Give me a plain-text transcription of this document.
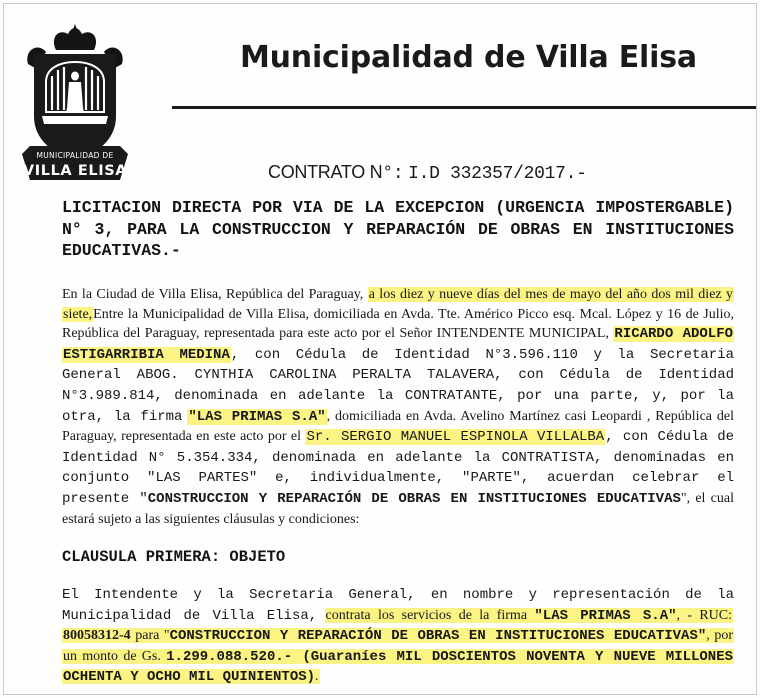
MUNICIPALIDAD DE
VILLA ELISA
Municipalidad de Villa Elisa
CONTRATO N°: I.D 332357/2017.-
LICITACION DIRECTA POR VIA DE LA EXCEPCION (URGENCIA IMPOSTERGABLE) N° 3, PARA LA CONSTRUCCION Y REPARACIÓN DE OBRAS EN INSTITUCIONES EDUCATIVAS.-
En la Ciudad de Villa Elisa, República del Paraguay, a los diez y nueve días del mes de mayo del año dos mil diez y siete,Entre la Municipalidad de Villa Elisa, domiciliada en Avda. Tte. Américo Picco esq. Mcal. López y 16 de Julio, República del Paraguay, representada para este acto por el Señor INTENDENTE MUNICIPAL, RICARDO ADOLFO ESTIGARRIBIA MEDINA, con Cédula de Identidad N°3.596.110 y la Secretaria General ABOG. CYNTHIA CAROLINA PERALTA TALAVERA, con Cédula de Identidad N°3.989.814, denominada en adelante la CONTRATANTE, por una parte, y, por la otra, la firma "LAS PRIMAS S.A", domiciliada en Avda. Avelino Martínez casi Leopardi , República del Paraguay, representada en este acto por el Sr. SERGIO MANUEL ESPINOLA VILLALBA, con Cédula de Identidad N° 5.354.334, denominada en adelante la CONTRATISTA, denominadas en conjunto "LAS PARTES" e, individualmente, "PARTE", acuerdan celebrar el presente "CONSTRUCCION Y REPARACIÓN DE OBRAS EN INSTITUCIONES EDUCATIVAS", el cual estará sujeto a las siguientes cláusulas y condiciones:
CLAUSULA PRIMERA: OBJETO
El Intendente y la Secretaria General, en nombre y representación de la Municipalidad de Villa Elisa, contrata los servicios de la firma "LAS PRIMAS S.A", - RUC: 80058312-4 para "CONSTRUCCION Y REPARACIÓN DE OBRAS EN INSTITUCIONES EDUCATIVAS", por un monto de Gs. 1.299.088.520.- (Guaraníes MIL DOSCIENTOS NOVENTA Y NUEVE MILLONES OCHENTA Y OCHO MIL QUINIENTOS).
